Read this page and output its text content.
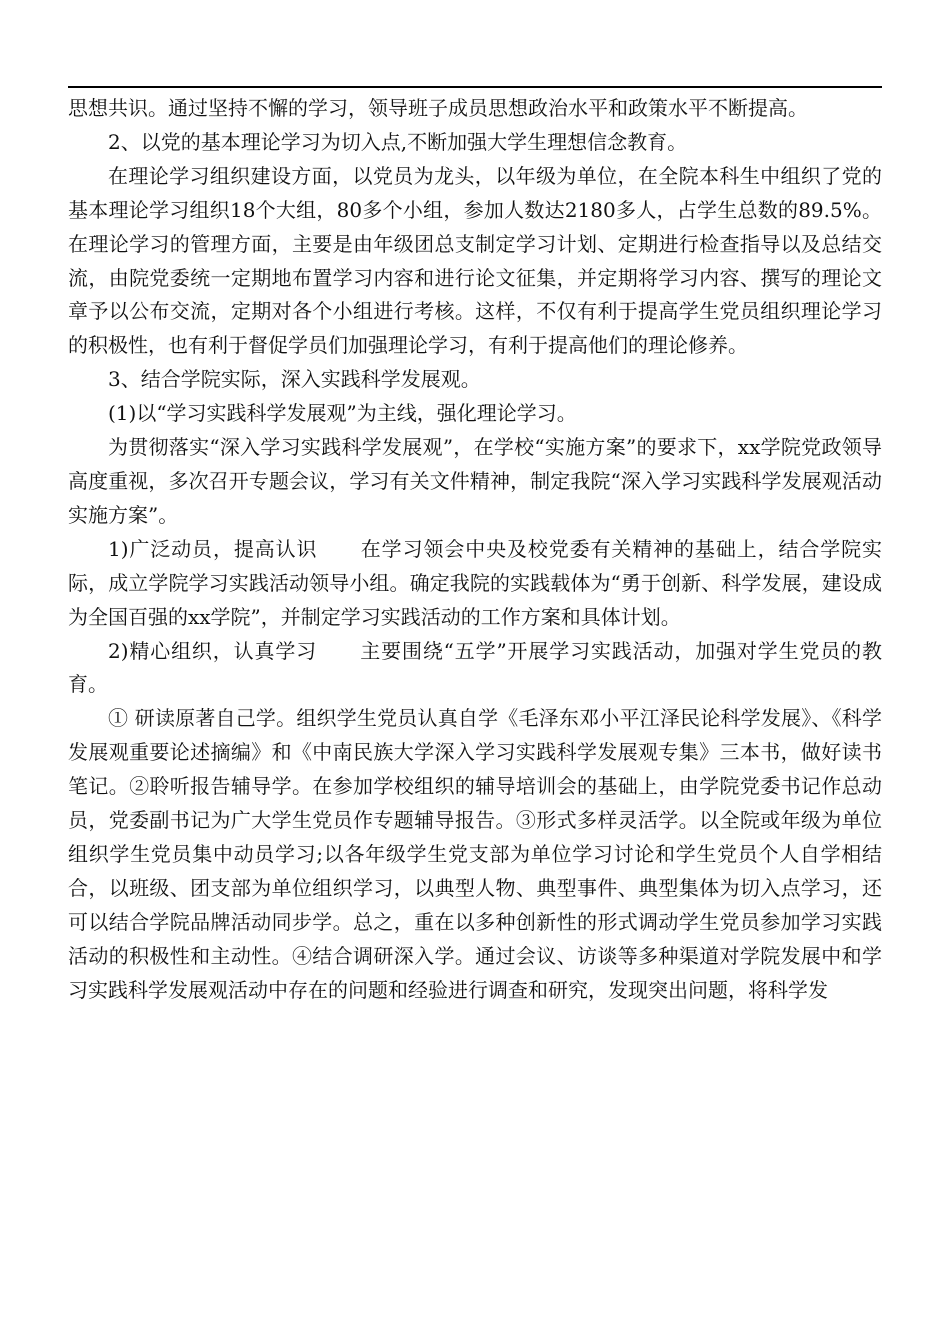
思想共识。通过坚持不懈的学习，领导班子成员思想政治水平和政策水平不断提高。

2、以党的基本理论学习为切入点,不断加强大学生理想信念教育。

在理论学习组织建设方面，以党员为龙头，以年级为单位，在全院本科生中组织了党的基本理论学习组织18个大组，80多个小组，参加人数达2180多人，占学生总数的89.5%。在理论学习的管理方面，主要是由年级团总支制定学习计划、定期进行检查指导以及总结交流，由院党委统一定期地布置学习内容和进行论文征集，并定期将学习内容、撰写的理论文章予以公布交流，定期对各个小组进行考核。这样，不仅有利于提高学生党员组织理论学习的积极性，也有利于督促学员们加强理论学习，有利于提高他们的理论修养。

3、结合学院实际，深入实践科学发展观。

(1)以“学习实践科学发展观”为主线，强化理论学习。

为贯彻落实“深入学习实践科学发展观”，在学校“实施方案”的要求下，xx学院党政领导高度重视，多次召开专题会议，学习有关文件精神，制定我院“深入学习实践科学发展观活动实施方案”。

1)广泛动员，提高认识      在学习领会中央及校党委有关精神的基础上，结合学院实际，成立学院学习实践活动领导小组。确定我院的实践载体为“勇于创新、科学发展，建设成为全国百强的xx学院”，并制定学习实践活动的工作方案和具体计划。

2)精心组织，认真学习      主要围绕“五学”开展学习实践活动，加强对学生党员的教育。

① 研读原著自己学。组织学生党员认真自学《毛泽东邓小平江泽民论科学发展》、《科学发展观重要论述摘编》和《中南民族大学深入学习实践科学发展观专集》三本书，做好读书笔记。②聆听报告辅导学。在参加学校组织的辅导培训会的基础上，由学院党委书记作总动员，党委副书记为广大学生党员作专题辅导报告。③形式多样灵活学。以全院或年级为单位组织学生党员集中动员学习;以各年级学生党支部为单位学习讨论和学生党员个人自学相结合，以班级、团支部为单位组织学习，以典型人物、典型事件、典型集体为切入点学习，还可以结合学院品牌活动同步学。总之，重在以多种创新性的形式调动学生党员参加学习实践活动的积极性和主动性。④结合调研深入学。通过会议、访谈等多种渠道对学院发展中和学习实践科学发展观活动中存在的问题和经验进行调查和研究，发现突出问题，将科学发
